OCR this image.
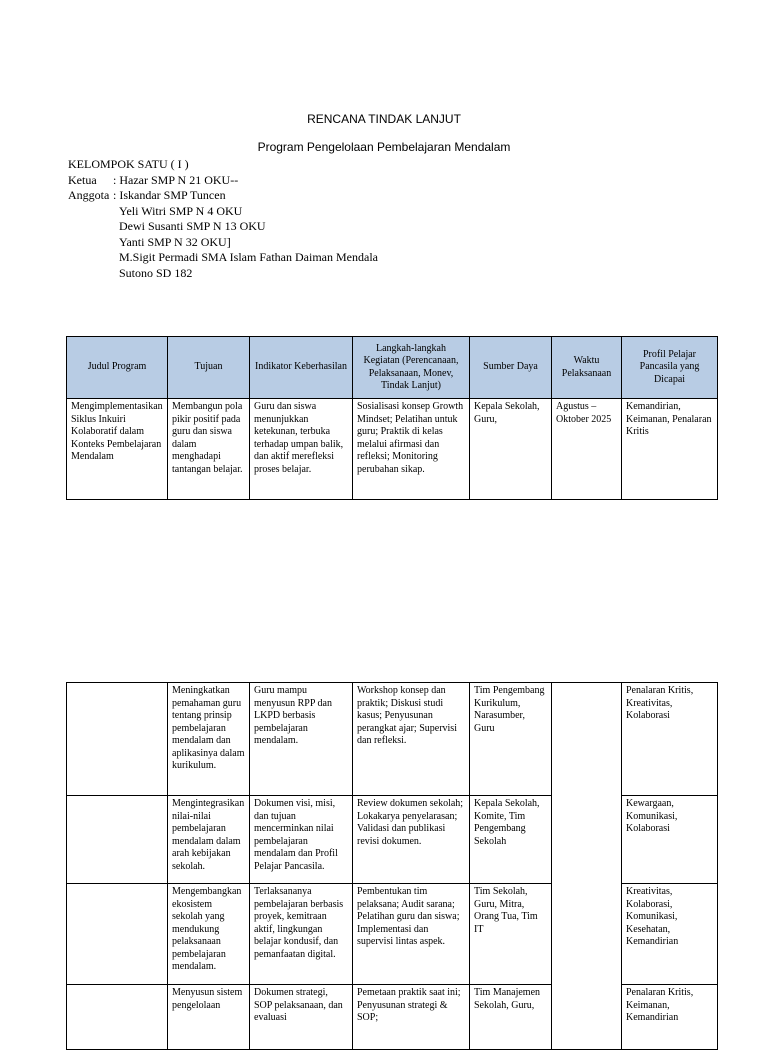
RENCANA TINDAK LANJUT
Program Pengelolaan Pembelajaran Mendalam
KELOMPOK SATU ( I )
Ketua	: Hazar SMP N 21 OKU--
Anggota : Iskandar SMP Tuncen
Yeli Witri SMP N 4 OKU
Dewi Susanti SMP N 13 OKU
Yanti SMP N 32 OKU]
M.Sigit Permadi SMA Islam Fathan Daiman Mendala
Sutono SD 182
Judul Program	Tujuan	Indikator Keberhasilan	Langkah-langkah Kegiatan (Perencanaan, Pelaksanaan, Monev, Tindak Lanjut)	Sumber Daya	Waktu Pelaksanaan	Profil Pelajar Pancasila yang Dicapai
Mengimplementasikan Siklus Inkuiri Kolaboratif dalam Konteks Pembelajaran Mendalam	Membangun pola pikir positif pada guru dan siswa dalam menghadapi tantangan belajar.	Guru dan siswa menunjukkan ketekunan, terbuka terhadap umpan balik, dan aktif merefleksi proses belajar.	Sosialisasi konsep Growth Mindset; Pelatihan untuk guru; Praktik di kelas melalui afirmasi dan refleksi; Monitoring perubahan sikap.	Kepala Sekolah, Guru,	Agustus – Oktober 2025	Kemandirian, Keimanan, Penalaran Kritis
	Meningkatkan pemahaman guru tentang prinsip pembelajaran mendalam dan aplikasinya dalam kurikulum.	Guru mampu menyusun RPP dan LKPD berbasis pembelajaran mendalam.	Workshop konsep dan praktik; Diskusi studi kasus; Penyusunan perangkat ajar; Supervisi dan refleksi.	Tim Pengembang Kurikulum, Narasumber, Guru		Penalaran Kritis, Kreativitas, Kolaborasi
	Mengintegrasikan nilai-nilai pembelajaran mendalam dalam arah kebijakan sekolah.	Dokumen visi, misi, dan tujuan mencerminkan nilai pembelajaran mendalam dan Profil Pelajar Pancasila.	Review dokumen sekolah; Lokakarya penyelarasan; Validasi dan publikasi revisi dokumen.	Kepala Sekolah, Komite, Tim Pengembang Sekolah		Kewargaan, Komunikasi, Kolaborasi
	Mengembangkan ekosistem sekolah yang mendukung pelaksanaan pembelajaran mendalam.	Terlaksananya pembelajaran berbasis proyek, kemitraan aktif, lingkungan belajar kondusif, dan pemanfaatan digital.	Pembentukan tim pelaksana; Audit sarana; Pelatihan guru dan siswa; Implementasi dan supervisi lintas aspek.	Tim Sekolah, Guru, Mitra, Orang Tua, Tim IT		Kreativitas, Kolaborasi, Komunikasi, Kesehatan, Kemandirian
	Menyusun sistem pengelolaan	Dokumen strategi, SOP pelaksanaan, dan evaluasi	Pemetaan praktik saat ini; Penyusunan strategi & SOP;	Tim Manajemen Sekolah, Guru,		Penalaran Kritis, Keimanan, Kemandirian
